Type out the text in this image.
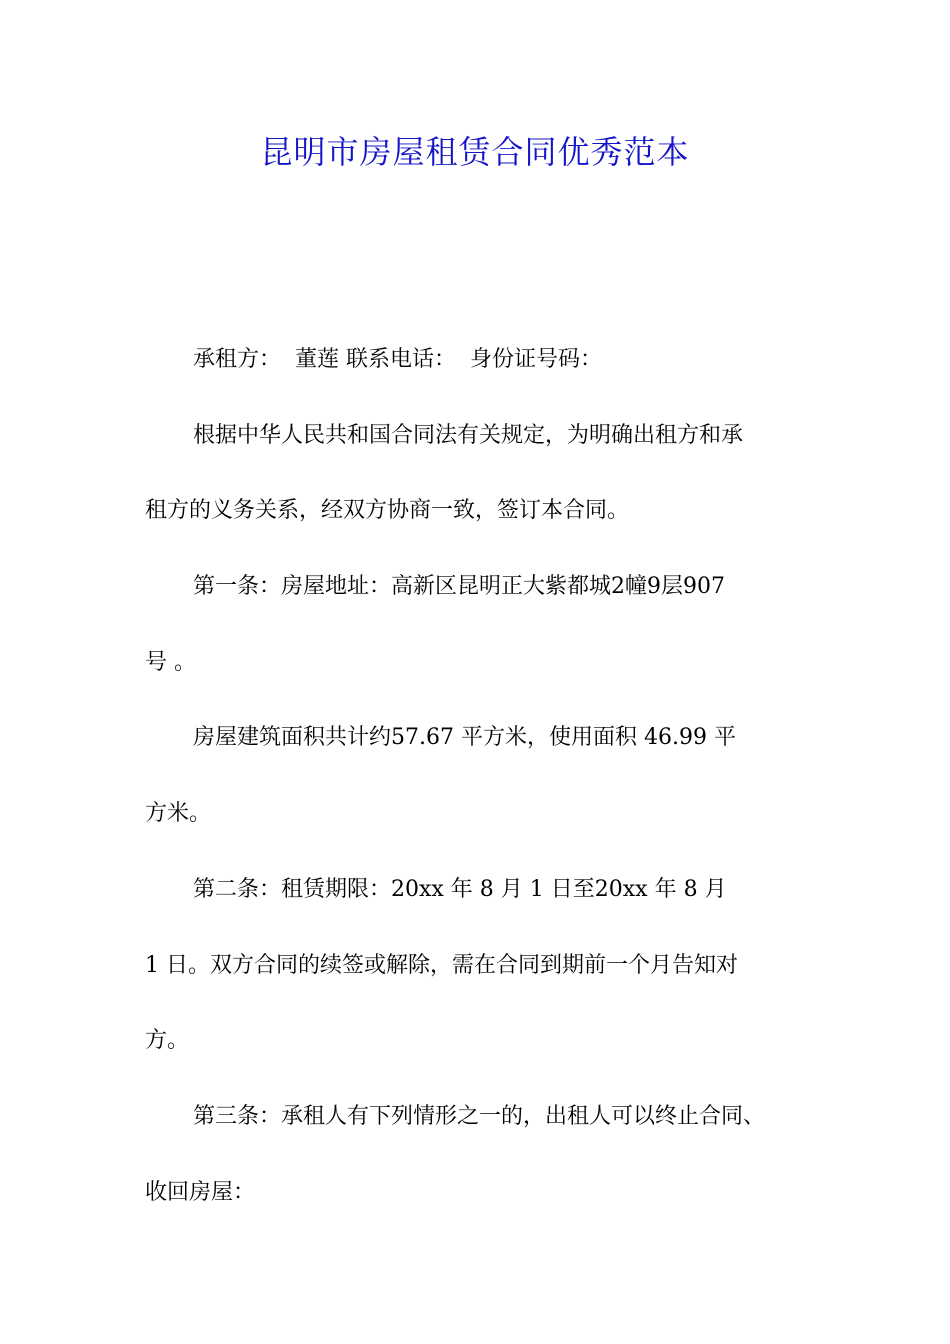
昆明市房屋租赁合同优秀范本
承租方：  董莲 联系电话：  身份证号码：
根据中华人民共和国合同法有关规定，为明确出租方和承
租方的义务关系，经双方协商一致，签订本合同。
第一条：房屋地址：高新区昆明正大紫都城2幢9层907
号 。
房屋建筑面积共计约57.67 平方米，使用面积 46.99 平
方米。
第二条：租赁期限：20xx 年 8 月 1 日至20xx 年 8 月
1 日。双方合同的续签或解除，需在合同到期前一个月告知对
方。
第三条：承租人有下列情形之一的，出租人可以终止合同、
收回房屋：
